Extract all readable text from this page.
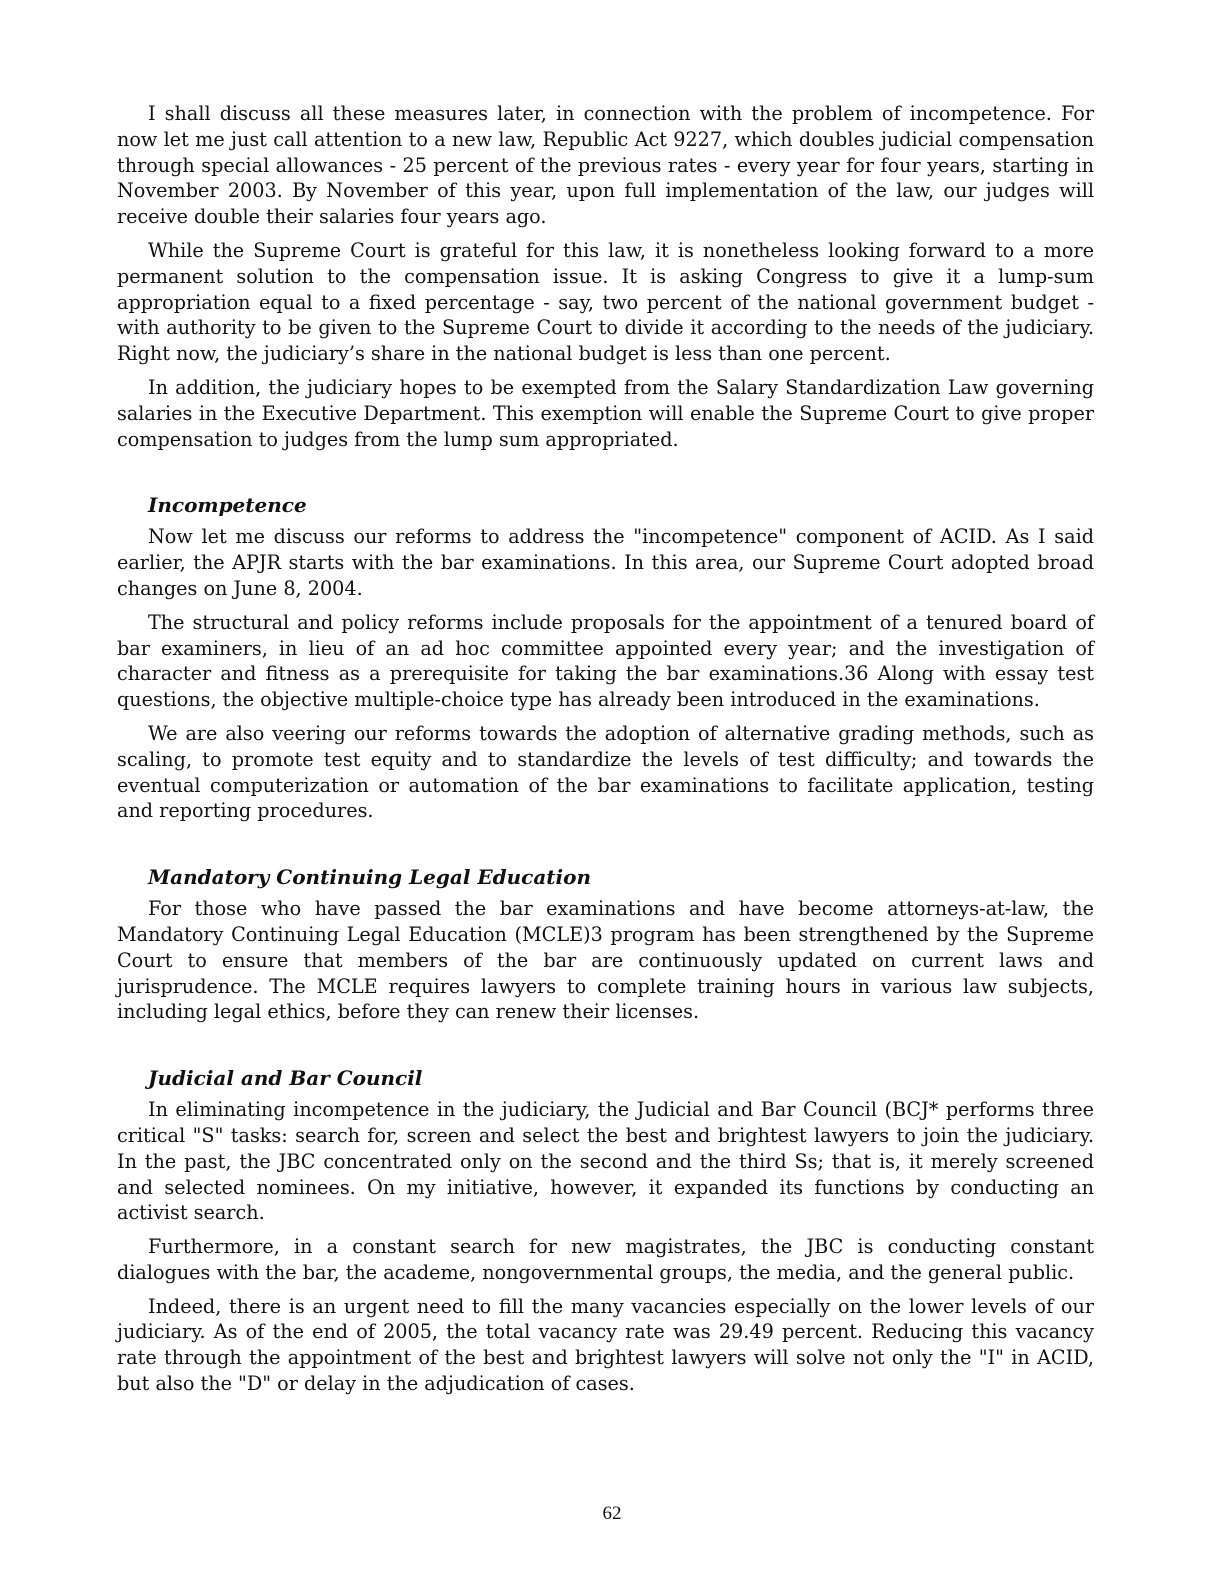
I shall discuss all these measures later, in connection with the problem of incompetence. For now let me just call attention to a new law, Republic Act 9227, which doubles judicial compensation through special allowances - 25 percent of the previous rates - every year for four years, starting in November 2003. By November of this year, upon full implementation of the law, our judges will receive double their salaries four years ago.

While the Supreme Court is grateful for this law, it is nonetheless looking forward to a more permanent solution to the compensation issue. It is asking Congress to give it a lump-sum appropriation equal to a fixed percentage - say, two percent of the national government budget - with authority to be given to the Supreme Court to divide it according to the needs of the judiciary. Right now, the judiciary’s share in the national budget is less than one percent.

In addition, the judiciary hopes to be exempted from the Salary Standardization Law governing salaries in the Executive Department. This exemption will enable the Supreme Court to give proper compensation to judges from the lump sum appropriated.

Incompetence

Now let me discuss our reforms to address the "incompetence" component of ACID. As I said earlier, the APJR starts with the bar examinations. In this area, our Supreme Court adopted broad changes on June 8, 2004.

The structural and policy reforms include proposals for the appointment of a tenured board of bar examiners, in lieu of an ad hoc committee appointed every year; and the investigation of character and fitness as a prerequisite for taking the bar examinations.36 Along with essay test questions, the objective multiple-choice type has already been introduced in the examinations.

We are also veering our reforms towards the adoption of alternative grading methods, such as scaling, to promote test equity and to standardize the levels of test difficulty; and towards the eventual computerization or automation of the bar examinations to facilitate application, testing and reporting procedures.

Mandatory Continuing Legal Education

For those who have passed the bar examinations and have become attorneys-at-law, the Mandatory Continuing Legal Education (MCLE)3 program has been strengthened by the Supreme Court to ensure that members of the bar are continuously updated on current laws and jurisprudence. The MCLE requires lawyers to complete training hours in various law subjects, including legal ethics, before they can renew their licenses.

Judicial and Bar Council

In eliminating incompetence in the judiciary, the Judicial and Bar Council (BCJ* performs three critical "S" tasks: search for, screen and select the best and brightest lawyers to join the judiciary. In the past, the JBC concentrated only on the second and the third Ss; that is, it merely screened and selected nominees. On my initiative, however, it expanded its functions by conducting an activist search.

Furthermore, in a constant search for new magistrates, the JBC is conducting constant dialogues with the bar, the academe, nongovernmental groups, the media, and the general public.

Indeed, there is an urgent need to fill the many vacancies especially on the lower levels of our judiciary. As of the end of 2005, the total vacancy rate was 29.49 percent. Reducing this vacancy rate through the appointment of the best and brightest lawyers will solve not only the "I" in ACID, but also the "D" or delay in the adjudication of cases.

62
